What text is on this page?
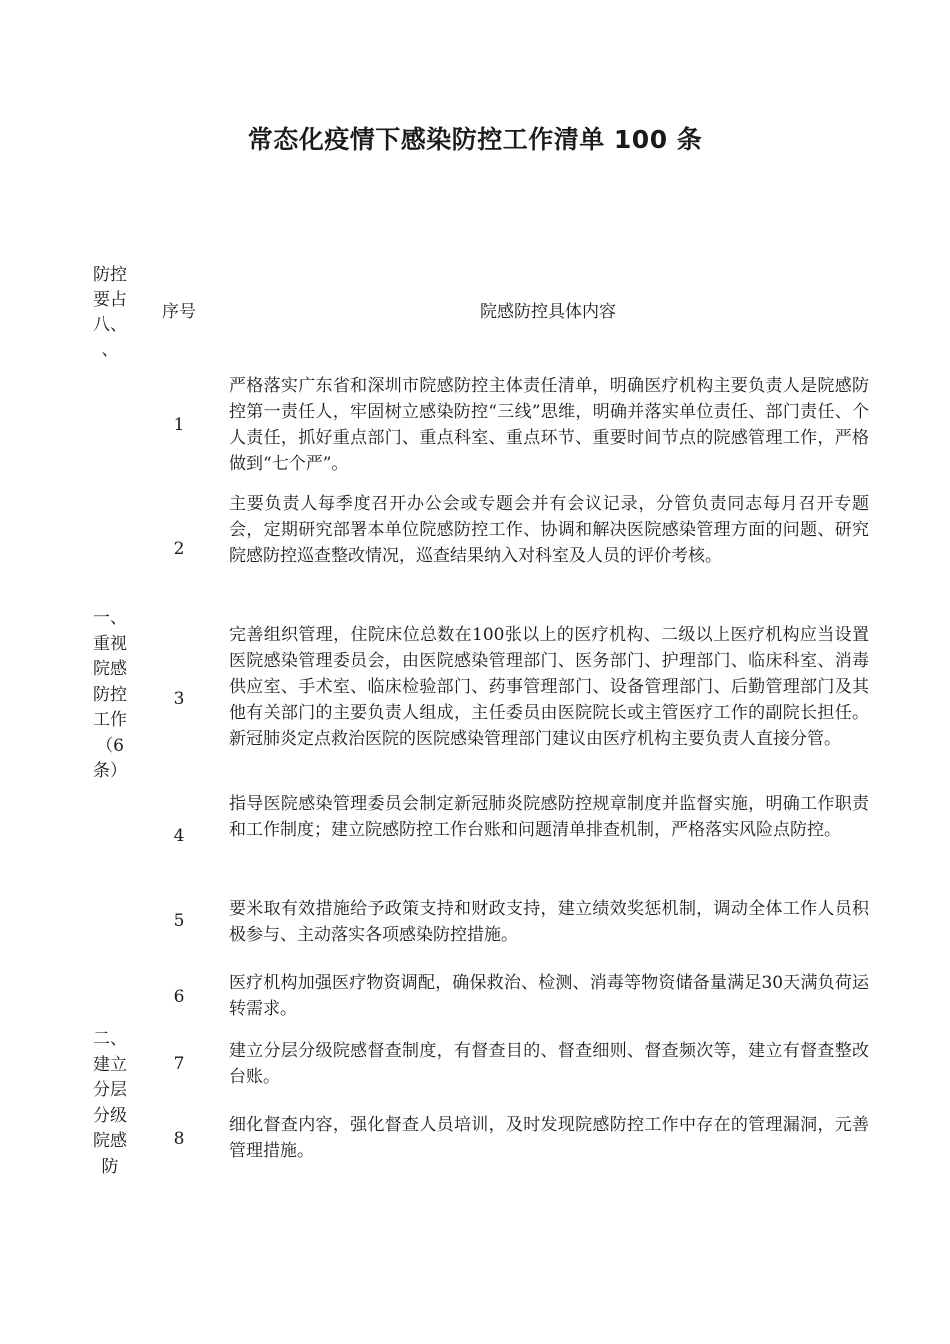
常态化疫情下感染防控工作清单 100 条
防控
要占
八、
、
序号	院感防控具体内容
一、
重视
院感
防控
工作
（6
条）
二、
建立
分层
分级
院感
防
1
严格落实广东省和深圳市院感防控主体责任清单，明确医疗机构主要负责人是院感防控第一责任人，牢固树立感染防控“三线”思维，明确并落实单位责任、部门责任、个人责任，抓好重点部门、重点科室、重点环节、重要时间节点的院感管理工作，严格做到“七个严”。
2
主要负责人每季度召开办公会或专题会并有会议记录，分管负责同志每月召开专题会，定期研究部署本单位院感防控工作、协调和解决医院感染管理方面的问题、研究院感防控巡查整改情况，巡查结果纳入对科室及人员的评价考核。
3
完善组织管理，住院床位总数在100张以上的医疗机构、二级以上医疗机构应当设置医院感染管理委员会，由医院感染管理部门、医务部门、护理部门、临床科室、消毒供应室、手术室、临床检验部门、药事管理部门、设备管理部门、后勤管理部门及其他有关部门的主要负责人组成，主任委员由医院院长或主管医疗工作的副院长担任。新冠肺炎定点救治医院的医院感染管理部门建议由医疗机构主要负责人直接分管。
4
指导医院感染管理委员会制定新冠肺炎院感防控规章制度并监督实施，明确工作职责和工作制度；建立院感防控工作台账和问题清单排查机制，严格落实风险点防控。
5
要米取有效措施给予政策支持和财政支持，建立绩效奖惩机制，调动全体工作人员积极参与、主动落实各项感染防控措施。
6
医疗机构加强医疗物资调配，确保救治、检测、消毒等物资储备量满足30天满负荷运转需求。
7
建立分层分级院感督查制度，有督查目的、督查细则、督查频次等，建立有督查整改台账。
8
细化督查内容，强化督查人员培训，及时发现院感防控工作中存在的管理漏洞，元善管理措施。
